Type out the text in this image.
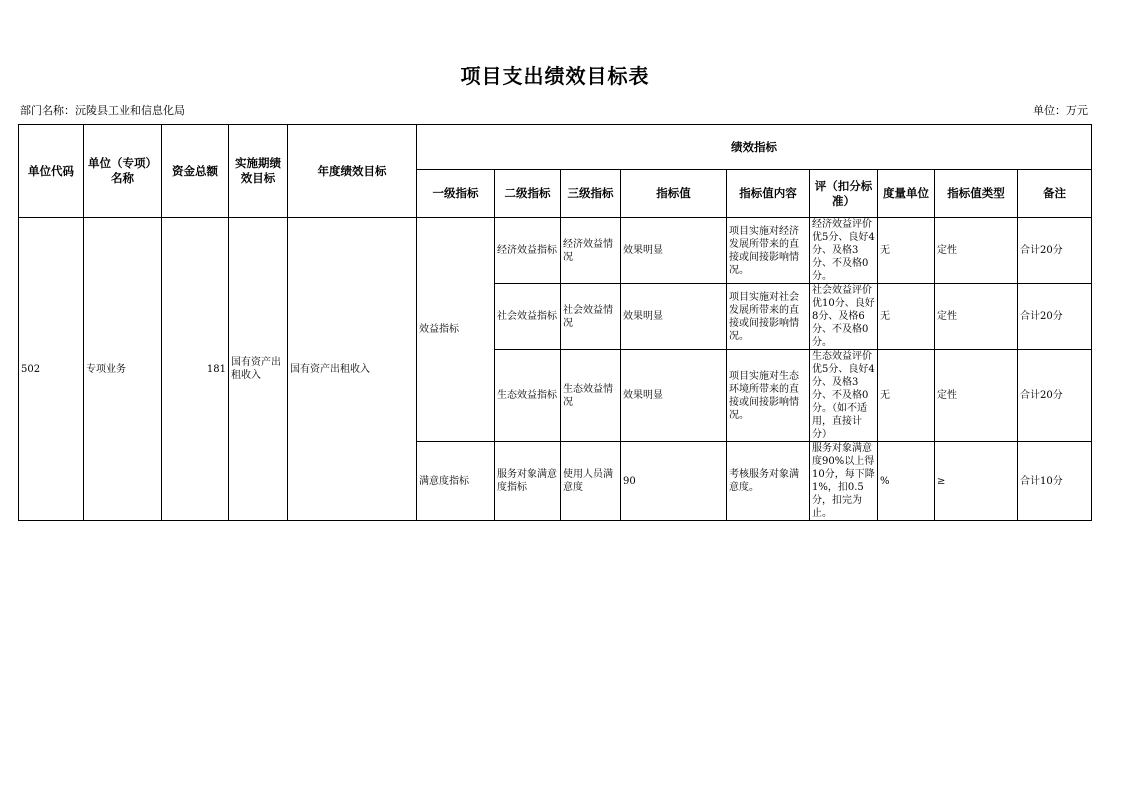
项目支出绩效目标表
部门名称：沅陵县工业和信息化局	单位：万元
单位代码	单位（专项）名称	资金总额	实施期绩效目标	年度绩效目标	绩效指标								
					一级指标	二级指标	三级指标	指标值	指标值内容	评（扣分标准）	度量单位	指标值类型	备注
502	专项业务	181	国有资产出租收入	国有资产出租收入	效益指标	经济效益指标	经济效益情况	效果明显	项目实施对经济发展所带来的直接或间接影响情况。	经济效益评价优5分、良好4分、及格3分、不及格0分。	无	定性	合计20分
						社会效益指标	社会效益情况	效果明显	项目实施对社会发展所带来的直接或间接影响情况。	社会效益评价优10分、良好8分、及格6分、不及格0分。	无	定性	合计20分
						生态效益指标	生态效益情况	效果明显	项目实施对生态环境所带来的直接或间接影响情况。	生态效益评价优5分、良好4分、及格3分、不及格0分。（如不适用，直接计分）	无	定性	合计20分
					满意度指标	服务对象满意度指标	使用人员满意度	90	考核服务对象满意度。	服务对象满意度90%以上得10分，每下降1%，扣0.5分，扣完为止。	%	≥	合计10分
